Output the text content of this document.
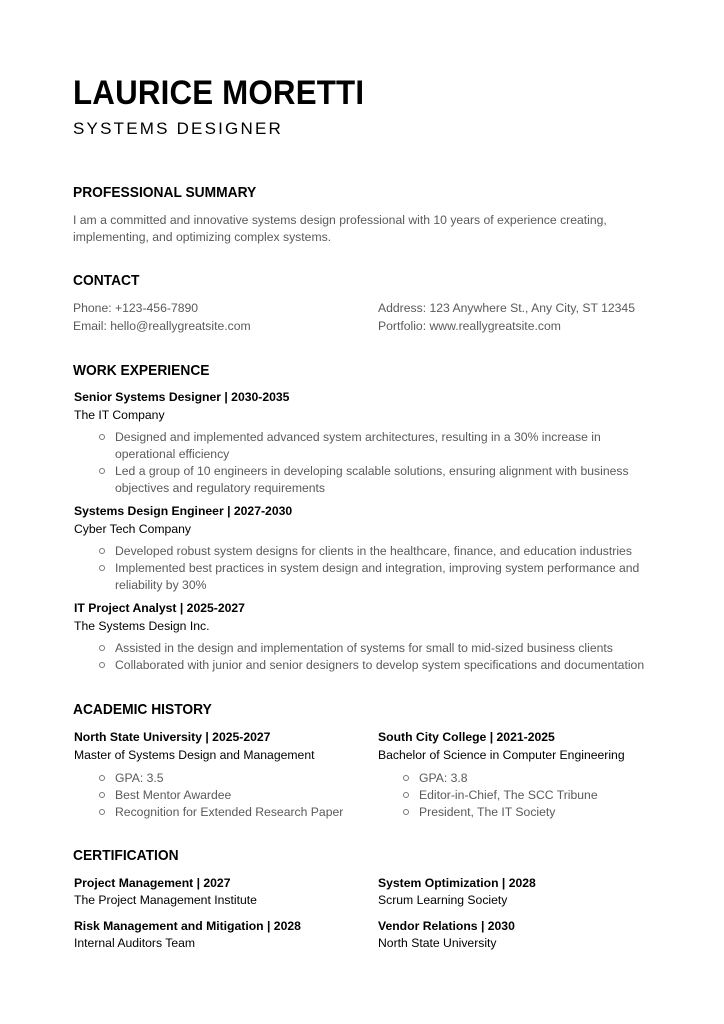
LAURICE MORETTI
SYSTEMS DESIGNER
PROFESSIONAL SUMMARY
I am a committed and innovative systems design professional with 10 years of experience creating, implementing, and optimizing complex systems.
CONTACT
Phone: +123-456-7890
Email: hello@reallygreatsite.com
Address: 123 Anywhere St., Any City, ST 12345
Portfolio: www.reallygreatsite.com
WORK EXPERIENCE
Senior Systems Designer | 2030-2035
The IT Company
Designed and implemented advanced system architectures, resulting in a 30% increase in operational efficiency
Led a group of 10 engineers in developing scalable solutions, ensuring alignment with business objectives and regulatory requirements
Systems Design Engineer | 2027-2030
Cyber Tech Company
Developed robust system designs for clients in the healthcare, finance, and education industries
Implemented best practices in system design and integration, improving system performance and reliability by 30%
IT Project Analyst | 2025-2027
The Systems Design Inc.
Assisted in the design and implementation of systems for small to mid-sized business clients
Collaborated with junior and senior designers to develop system specifications and documentation
ACADEMIC HISTORY
North State University | 2025-2027
Master of Systems Design and Management
GPA: 3.5
Best Mentor Awardee
Recognition for Extended Research Paper
South City College | 2021-2025
Bachelor of Science in Computer Engineering
GPA: 3.8
Editor-in-Chief, The SCC Tribune
President, The IT Society
CERTIFICATION
Project Management | 2027
The Project Management Institute
System Optimization | 2028
Scrum Learning Society
Risk Management and Mitigation | 2028
Internal Auditors Team
Vendor Relations | 2030
North State University
